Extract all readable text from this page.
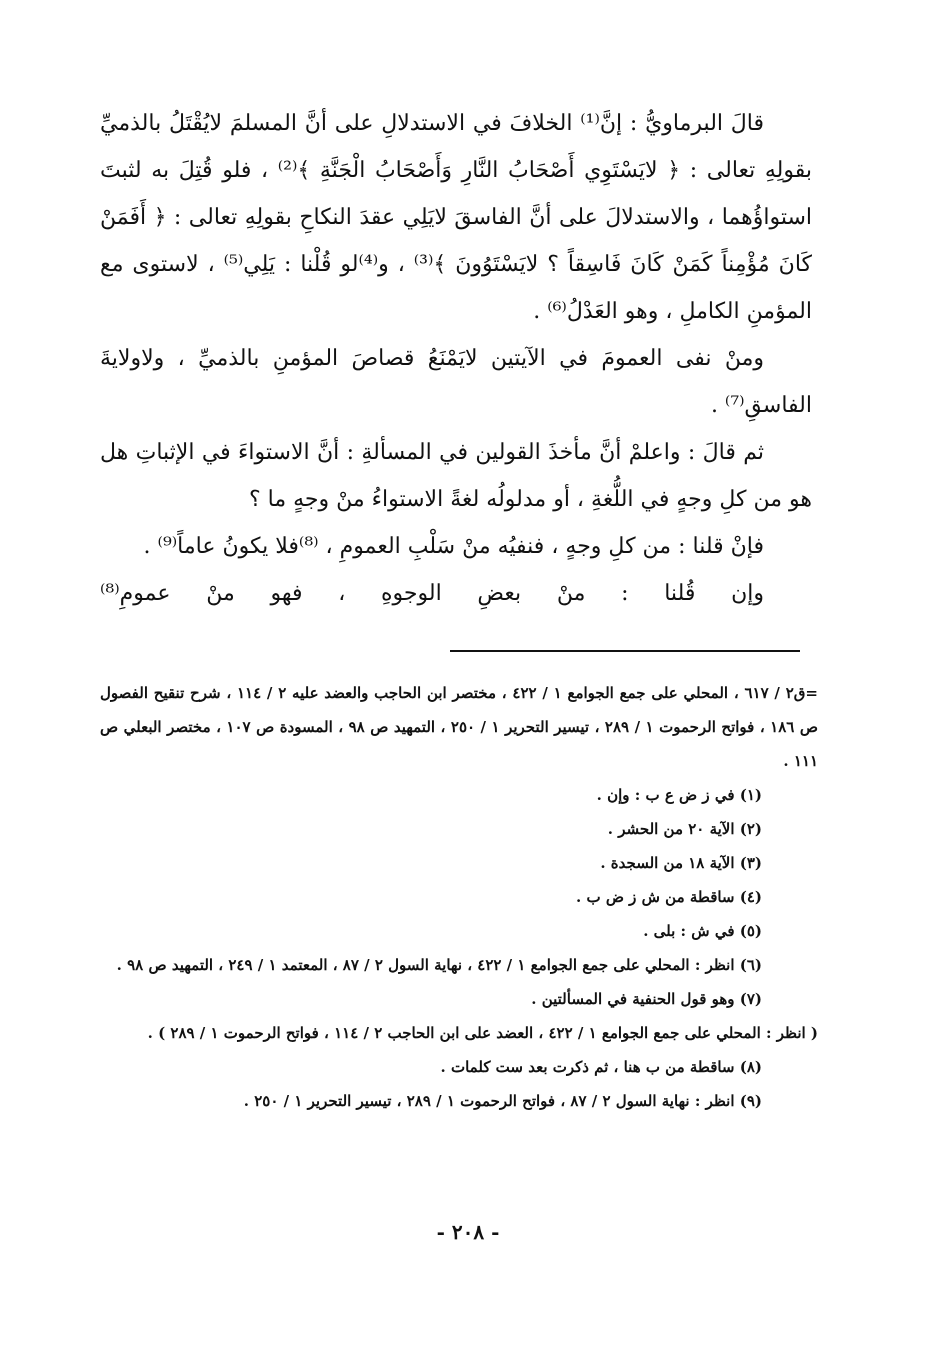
قالَ البرماويُّ : إنَّ⁽¹⁾ الخلافَ في الاستدلالِ على أنَّ المسلمَ لايُقْتَلُ بالذميِّ بقولِهِ تعالى : ﴿ لايَسْتَوِي أَصْحَابُ النَّارِ وَأَصْحَابُ الْجَنَّةِ ﴾⁽²⁾ ، فلو قُتِلَ به لثبتَ استواؤُهما ، والاستدلالَ على أنَّ الفاسقَ لايَلِي عقدَ النكاحِ بقولِهِ تعالى : ﴿ أَفَمَنْ كَانَ مُؤْمِناً كَمَنْ كَانَ فَاسِقاً ؟ لايَسْتَوُونَ ﴾⁽³⁾ ، و⁽⁴⁾لو قُلْنا : يَلِي⁽⁵⁾ ، لاستوى مع المؤمنِ الكاملِ ، وهو العَدْلُ⁽⁶⁾ .

ومنْ نفى العمومَ في الآيتين لايَمْنَعُ قصاصَ المؤمنِ بالذميِّ ، ولاولايةَ الفاسقِ⁽⁷⁾ .

ثم قالَ : واعلمْ أنَّ مأخذَ القولين في المسألةِ : أنَّ الاستواءَ في الإثباتِ هل هو من كلِ وجهٍ في اللُّغةِ ، أو مدلولُه لغةً الاستواءُ منْ وجهٍ ما ؟

فإنْ قلنا : من كلِ وجهٍ ، فنفيُه منْ سَلْبِ العمومِ ، ⁽⁸⁾فلا يكونُ عاماً⁽⁹⁾ .

وإن قُلنا : منْ بعضِ الوجوهِ ، فهو منْ عمومِ⁽⁸⁾

=ق٢ / ٦١٧ ، المحلي على جمع الجوامع ١ / ٤٢٢ ، مختصر ابن الحاجب والعضد عليه ٢ / ١١٤ ، شرح تنقيح الفصول ص ١٨٦ ، فواتح الرحموت ١ / ٢٨٩ ، تيسير التحرير ١ / ٢٥٠ ، التمهيد ص ٩٨ ، المسودة ص ١٠٧ ، مختصر البعلي ص ١١١ .

(١) في ز ض ع ب : وإن .

(٢) الآية ٢٠ من الحشر .

(٣) الآية ١٨ من السجدة .

(٤) ساقطة من ش ز ض ب .

(٥) في ش : بلى .

(٦) انظر : المحلي على جمع الجوامع ١ / ٤٢٢ ، نهاية السول ٢ / ٨٧ ، المعتمد ١ / ٢٤٩ ، التمهيد ص ٩٨ .

(٧) وهو قول الحنفية في المسألتين .

( انظر : المحلي على جمع الجوامع ١ / ٤٢٢ ، العضد على ابن الحاجب ٢ / ١١٤ ، فواتح الرحموت ١ / ٢٨٩ ) .

(٨) ساقطة من ب هنا ، ثم ذكرت بعد ست كلمات .

(٩) انظر : نهاية السول ٢ / ٨٧ ، فواتح الرحموت ١ / ٢٨٩ ، تيسير التحرير ١ / ٢٥٠ .

- ٢٠٨ -
